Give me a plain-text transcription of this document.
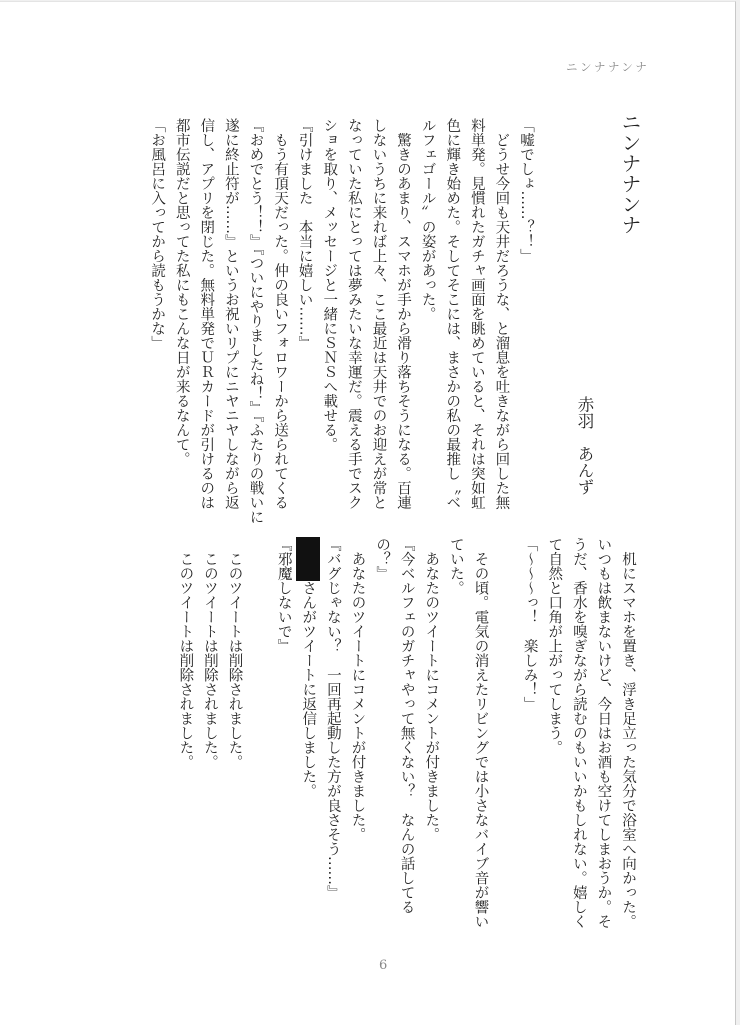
ニンナナンナ
ニンナナンナ
赤羽　あんず
「嘘でしょ……？！」
　どうせ今回も天井だろうな、と溜息を吐きながら回した無
料単発。見慣れたガチャ画面を眺めていると、それは突如虹
色に輝き始めた。そしてそこには、まさかの私の最推し〝ベ
ルフェゴール〟の姿があった。
　驚きのあまり、スマホが手から滑り落ちそうになる。百連
しないうちに来れば上々、ここ最近は天井でのお迎えが常と
なっていた私にとっては夢みたいな幸運だ。震える手でスク
ショを取り、メッセージと一緒にＳＮＳへ載せる。
『引けました　本当に嬉しい……』
　もう有頂天だった。仲の良いフォロワーから送られてくる
『おめでとう！！』『ついにやりましたね！』『ふたりの戦いに
遂に終止符が……』というお祝いリプにニヤニヤしながら返
信し、アプリを閉じた。無料単発でＵＲカードが引けるのは
都市伝説だと思ってた私にもこんな日が来るなんて。
「お風呂に入ってから読もうかな」
　机にスマホを置き、浮き足立った気分で浴室へ向かった。
いつもは飲まないけど、今日はお酒も空けてしまおうか。そ
うだ、香水を嗅ぎながら読むのもいいかもしれない。嬉しく
て自然と口角が上がってしまう。
「〜〜〜っ！　楽しみ！」
　その頃。電気の消えたリビングでは小さなバイブ音が響い
ていた。
　あなたのツイートにコメントが付きました。
『今ベルフェのガチャやって無くない？　なんの話してる
の？』
　あなたのツイートにコメントが付きました。
『バグじゃない？　一回再起動した方が良さそう……』
　　　さんがツイートに返信しました。
『邪魔しないで』
　このツイートは削除されました。
　このツイートは削除されました。
　このツイートは削除されました。
6
